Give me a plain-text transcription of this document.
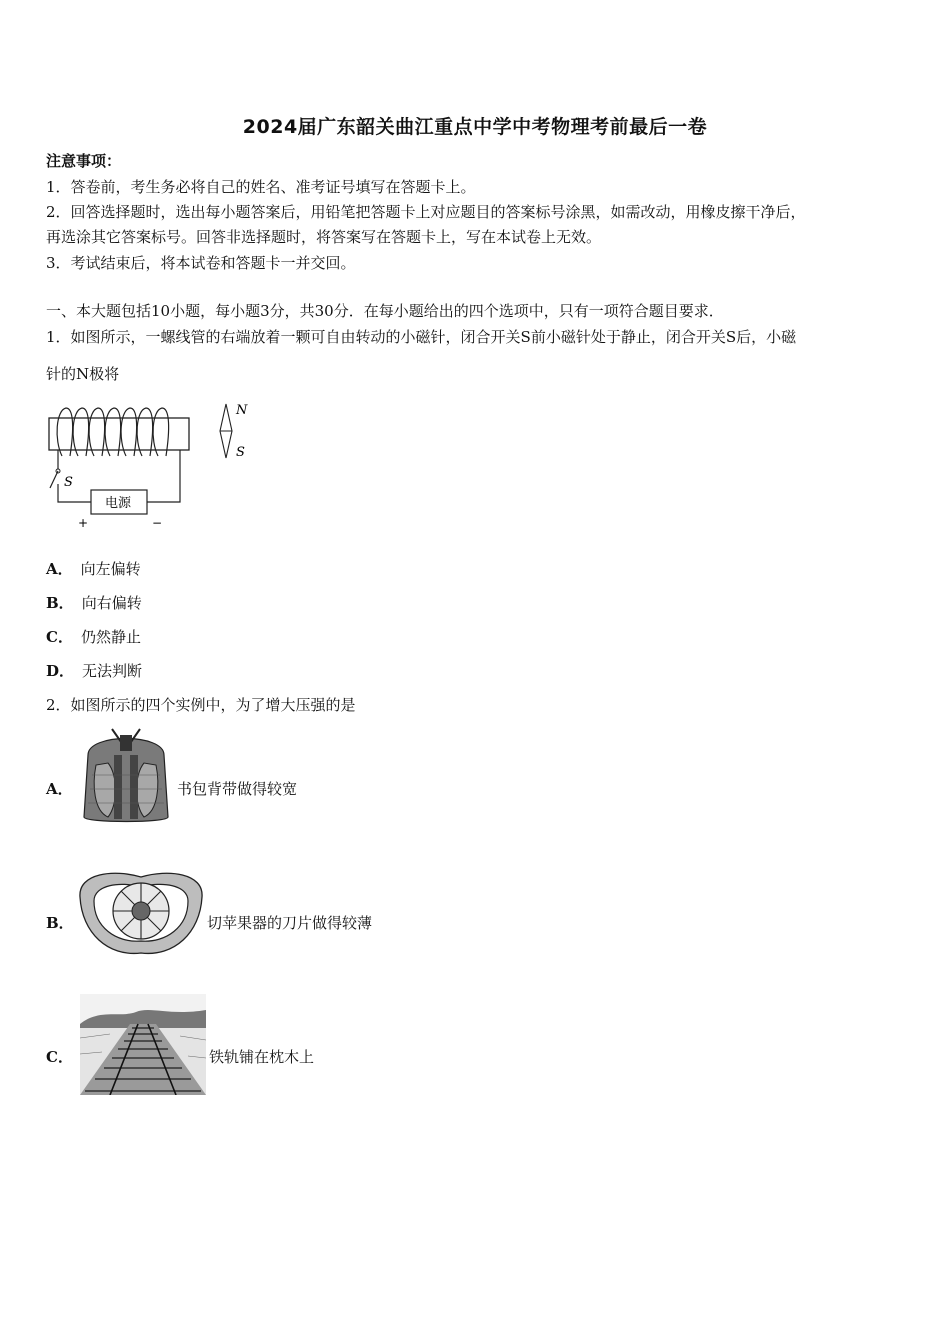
2024届广东韶关曲江重点中学中考物理考前最后一卷
注意事项：
1．答卷前，考生务必将自己的姓名、准考证号填写在答题卡上。
2．回答选择题时，选出每小题答案后，用铅笔把答题卡上对应题目的答案标号涂黑，如需改动，用橡皮擦干净后，
再选涂其它答案标号。回答非选择题时，将答案写在答题卡上，写在本试卷上无效。
3．考试结束后，将本试卷和答题卡一并交回。
一、本大题包括10小题，每小题3分，共30分．在每小题给出的四个选项中，只有一项符合题目要求．
1．如图所示，一螺线管的右端放着一颗可自由转动的小磁针，闭合开关S前小磁针处于静止，闭合开关S后，小磁
针的N极将
S
电源
+	−
N
S
A． 向左偏转
B． 向右偏转
C． 仍然静止
D． 无法判断
2．如图所示的四个实例中，为了增大压强的是
A．	书包背带做得较宽
B．	切苹果器的刀片做得较薄
C．	铁轨铺在枕木上
